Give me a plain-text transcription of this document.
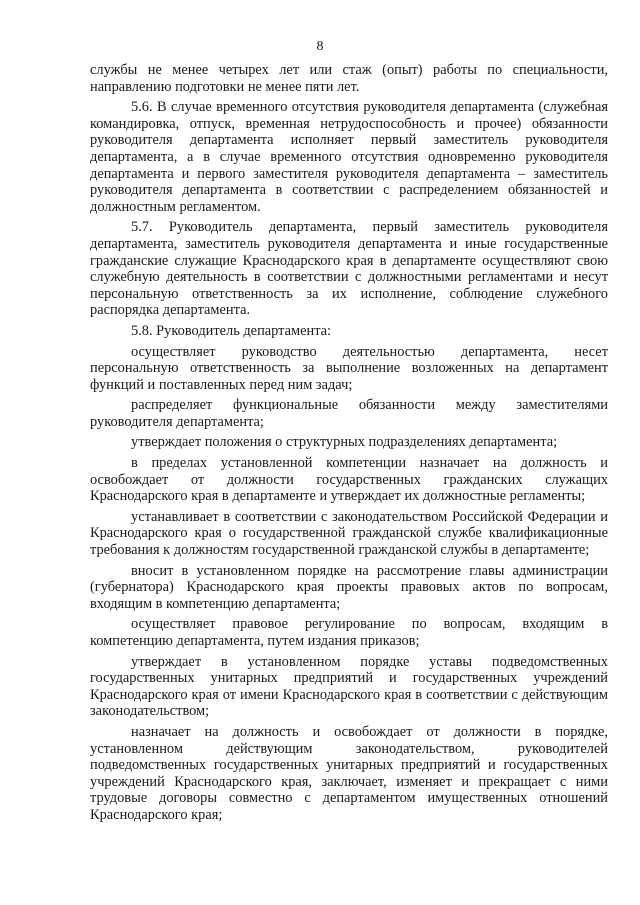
8

службы не менее четырех лет или стаж (опыт) работы по специальности, направлению подготовки не менее пяти лет.

5.6. В случае временного отсутствия руководителя департамента (служебная командировка, отпуск, временная нетрудоспособность и прочее) обязанности руководителя департамента исполняет первый заместитель руководителя департамента, а в случае временного отсутствия одновременно руководителя департамента и первого заместителя руководителя департамента – заместитель руководителя департамента в соответствии с распределением обязанностей и должностным регламентом.

5.7. Руководитель департамента, первый заместитель руководителя департамента, заместитель руководителя департамента и иные государственные гражданские служащие Краснодарского края в департаменте осуществляют свою служебную деятельность в соответствии с должностными регламентами и несут персональную ответственность за их исполнение, соблюдение служебного распорядка департамента.

5.8. Руководитель департамента:

осуществляет руководство деятельностью департамента, несет персональную ответственность за выполнение возложенных на департамент функций и поставленных перед ним задач;

распределяет функциональные обязанности между заместителями руководителя департамента;

утверждает положения о структурных подразделениях департамента;

в пределах установленной компетенции назначает на должность и освобождает от должности государственных гражданских служащих Краснодарского края в департаменте и утверждает их должностные регламенты;

устанавливает в соответствии с законодательством Российской Федерации и Краснодарского края о государственной гражданской службе квалификационные требования к должностям государственной гражданской службы в департаменте;

вносит в установленном порядке на рассмотрение главы администрации (губернатора) Краснодарского края проекты правовых актов по вопросам, входящим в компетенцию департамента;

осуществляет правовое регулирование по вопросам, входящим в компетенцию департамента, путем издания приказов;

утверждает в установленном порядке уставы подведомственных государственных унитарных предприятий и государственных учреждений Краснодарского края от имени Краснодарского края в соответствии с действующим законодательством;

назначает на должность и освобождает от должности в порядке, установленном действующим законодательством, руководителей подведомственных государственных унитарных предприятий и государственных учреждений Краснодарского края, заключает, изменяет и прекращает с ними трудовые договоры совместно с департаментом имущественных отношений Краснодарского края;
